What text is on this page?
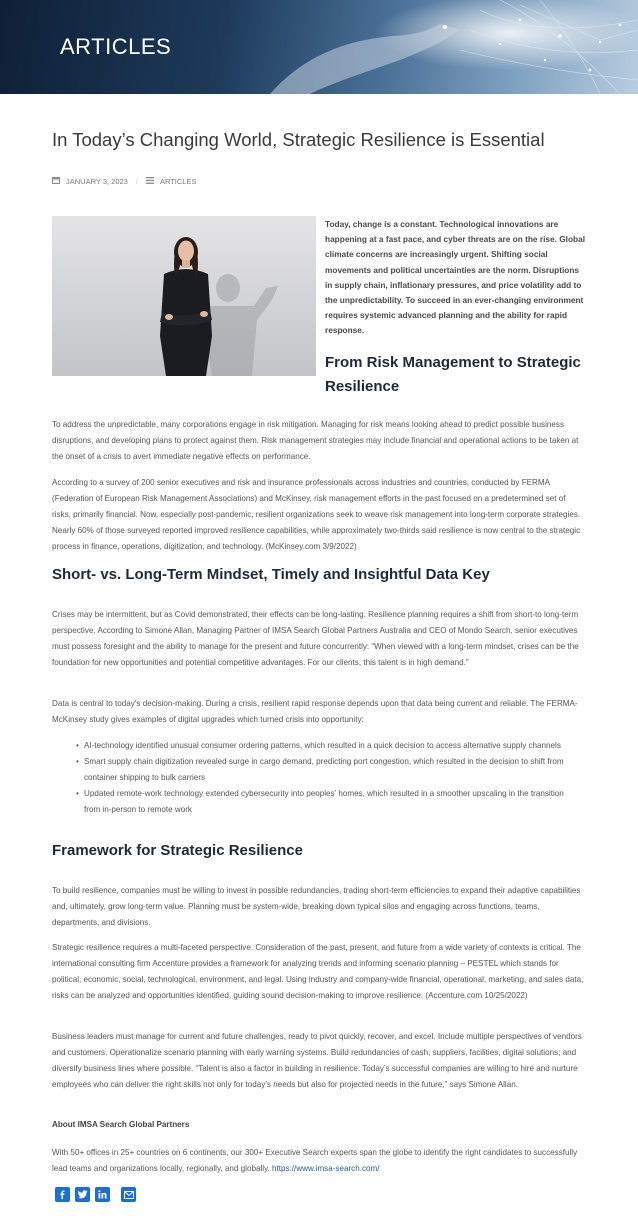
ARTICLES
In Today’s Changing World, Strategic Resilience is Essential
JANUARY 3, 2023 /	ARTICLES

Today, change is a constant. Technological innovations are happening at a fast pace, and cyber threats are on the rise. Global climate concerns are increasingly urgent. Shifting social movements and political uncertainties are the norm. Disruptions in supply chain, inflationary pressures, and price volatility add to the unpredictability. To succeed in an ever-changing environment requires systemic advanced planning and the ability for rapid response.

From Risk Management to Strategic Resilience

To address the unpredictable, many corporations engage in risk mitigation. Managing for risk means looking ahead to predict possible business disruptions, and developing plans to protect against them. Risk management strategies may include financial and operational actions to be taken at the onset of a crisis to avert immediate negative effects on performance.

According to a survey of 200 senior executives and risk and insurance professionals across industries and countries, conducted by FERMA (Federation of European Risk Management Associations) and McKinsey, risk management efforts in the past focused on a predetermined set of risks, primarily financial. Now, especially post-pandemic, resilient organizations seek to weave risk management into long-term corporate strategies. Nearly 60% of those surveyed reported improved resilience capabilities, while approximately two-thirds said resilience is now central to the strategic process in finance, operations, digitization, and technology. (McKinsey.com 3/9/2022)

Short- vs. Long-Term Mindset, Timely and Insightful Data Key

Crises may be intermittent, but as Covid demonstrated, their effects can be long-lasting. Resilience planning requires a shift from short-to long-term perspective. According to Simone Allan, Managing Partner of IMSA Search Global Partners Australia and CEO of Mondo Search, senior executives must possess foresight and the ability to manage for the present and future concurrently: “When viewed with a long-term mindset, crises can be the foundation for new opportunities and potential competitive advantages. For our clients, this talent is in high demand.”

Data is central to today’s decision-making. During a crisis, resilient rapid response depends upon that data being current and reliable. The FERMA-McKinsey study gives examples of digital upgrades which turned crisis into opportunity:

• AI-technology identified unusual consumer ordering patterns, which resulted in a quick decision to access alternative supply channels
• Smart supply chain digitization revealed surge in cargo demand, predicting port congestion, which resulted in the decision to shift from container shipping to bulk carriers
• Updated remote-work technology extended cybersecurity into peoples’ homes, which resulted in a smoother upscaling in the transition from in-person to remote work
Framework for Strategic Resilience

To build resilience, companies must be willing to invest in possible redundancies, trading short-term efficiencies to expand their adaptive capabilities and, ultimately, grow long-term value. Planning must be system-wide, breaking down typical silos and engaging across functions, teams, departments, and divisions.

Strategic resilience requires a multi-faceted perspective. Consideration of the past, present, and future from a wide variety of contexts is critical. The international consulting firm Accenture provides a framework for analyzing trends and informing scenario planning – PESTEL which stands for political, economic, social, technological, environment, and legal. Using industry and company-wide financial, operational, marketing, and sales data, risks can be analyzed and opportunities identified, guiding sound decision-making to improve resilience. (Accenture.com 10/25/2022)

Business leaders must manage for current and future challenges, ready to pivot quickly, recover, and excel. Include multiple perspectives of vendors and customers. Operationalize scenario planning with early warning systems. Build redundancies of cash, suppliers, facilities, digital solutions; and diversify business lines where possible. “Talent is also a factor in building in resilience. Today’s successful companies are willing to hire and nurture employees who can deliver the right skills not only for today’s needs but also for projected needs in the future,” says Simone Allan.

About IMSA Search Global Partners

With 50+ offices in 25+ countries on 6 continents, our 300+ Executive Search experts span the globe to identify the right candidates to successfully lead teams and organizations locally, regionally, and globally. https://www.imsa-search.com/
